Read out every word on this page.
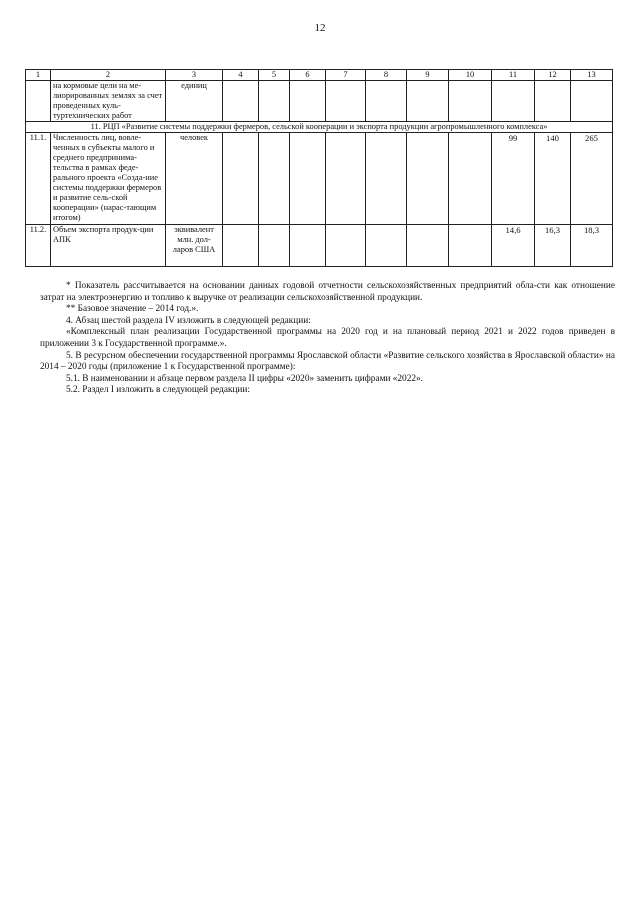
12
1	2	3	4	5	6	7	8	9	10	11	12	13
	на кормовые цели на ме-лиорированных землях за счет проведенных куль-туртехнических работ	единиц										
11. РЦП «Развитие системы поддержки фермеров, сельской кооперации и экспорта продукции агропромышленного комплекса»												
11.1.	Численность лиц, вовле-ченных в субъекты малого и среднего предпринима-тельства в рамках феде-рального проекта «Созда-ние системы поддержки фермеров и развитие сель-ской кооперации» (нарас-тающим итогом)	человек								99	140	265
11.2.	Объем экспорта продук-ции АПК	эквивалент млн. дол-ларов США								14,6	16,3	18,3

* Показатель рассчитывается на основании данных годовой отчетности сельскохозяйственных предприятий обла-сти как отношение затрат на электроэнергию и топливо к выручке от реализации сельскохозяйственной продукции.

** Базовое значение – 2014 год.».

4. Абзац шестой раздела IV изложить в следующей редакции:

«Комплексный план реализации Государственной программы на 2020 год и на плановый период 2021 и 2022 годов приведен в приложении 3 к Государственной программе.».

5. В ресурсном обеспечении государственной программы Ярославской области «Развитие сельского хозяйства в Ярославской области» на 2014 – 2020 годы (приложение 1 к Государственной программе):

5.1. В наименовании и абзаце первом раздела II цифры «2020» заменить цифрами «2022».

5.2. Раздел I изложить в следующей редакции:
